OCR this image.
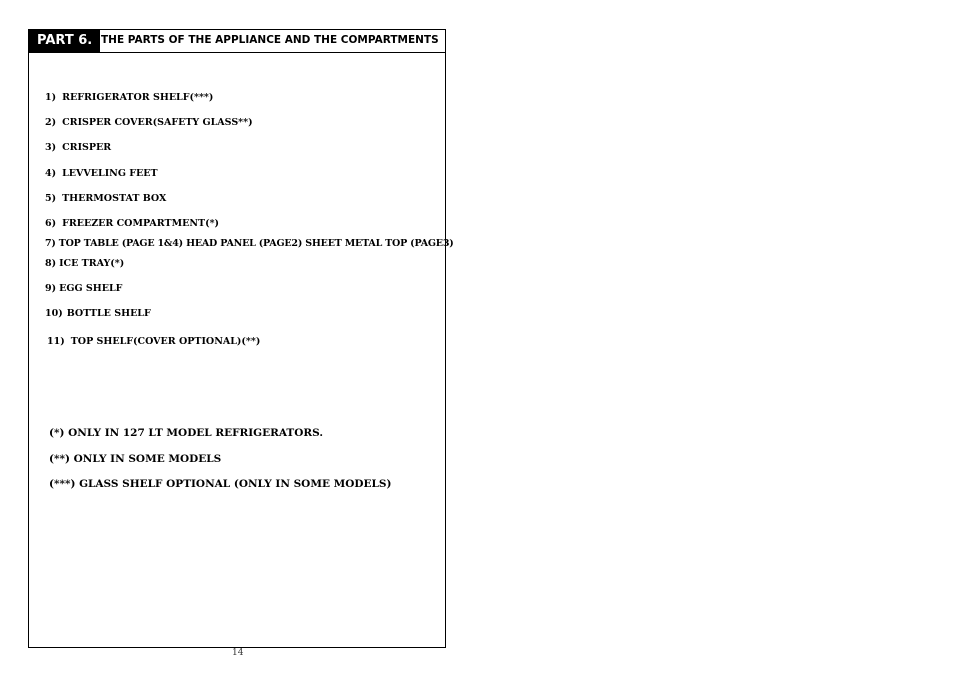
PART 6. THE PARTS OF THE APPLIANCE AND THE COMPARTMENTS
1) REFRIGERATOR SHELF(***)
2) CRISPER COVER(SAFETY GLASS**)
3) CRISPER
4) LEVVELING FEET
5) THERMOSTAT BOX
6) FREEZER COMPARTMENT(*)
7) TOP TABLE (PAGE 1&4) HEAD PANEL (PAGE2) SHEET METAL TOP (PAGE3)
8) ICE TRAY(*)
9) EGG SHELF
10) BOTTLE SHELF
11) TOP SHELF(COVER OPTIONAL)(**)
(*) ONLY IN 127 LT MODEL REFRIGERATORS.
(**) ONLY IN SOME MODELS
(***) GLASS SHELF OPTIONAL (ONLY IN SOME MODELS)
14
